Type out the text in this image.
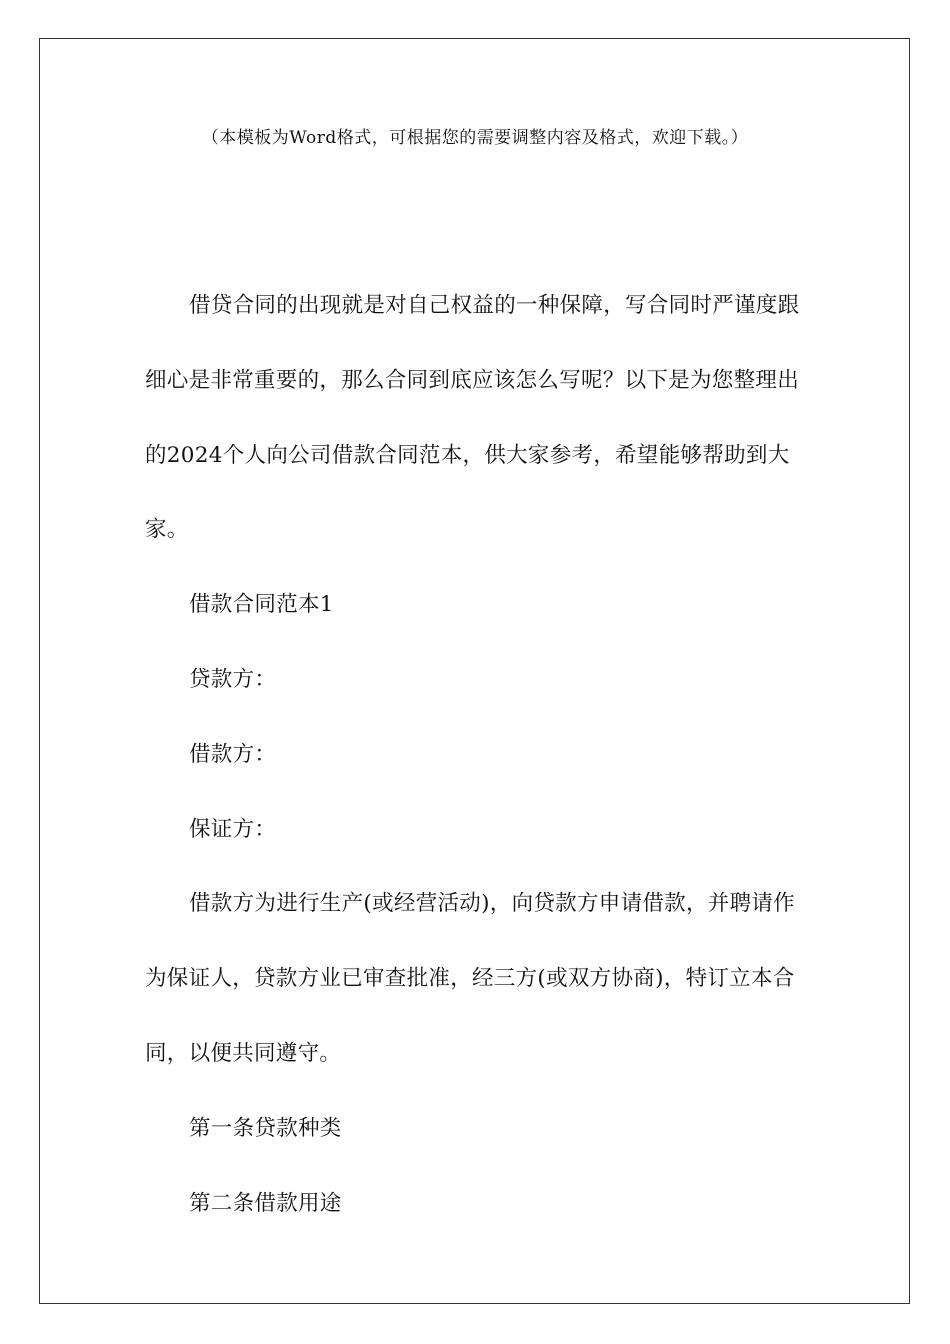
（本模板为Word格式，可根据您的需要调整内容及格式，欢迎下载。）

借贷合同的出现就是对自己权益的一种保障，写合同时严谨度跟细心是非常重要的，那么合同到底应该怎么写呢？以下是为您整理出的2024个人向公司借款合同范本，供大家参考，希望能够帮助到大家。

借款合同范本1

贷款方：

借款方：

保证方：

借款方为进行生产(或经营活动)，向贷款方申请借款，并聘请作为保证人，贷款方业已审查批准，经三方(或双方协商)，特订立本合同，以便共同遵守。

第一条贷款种类

第二条借款用途
